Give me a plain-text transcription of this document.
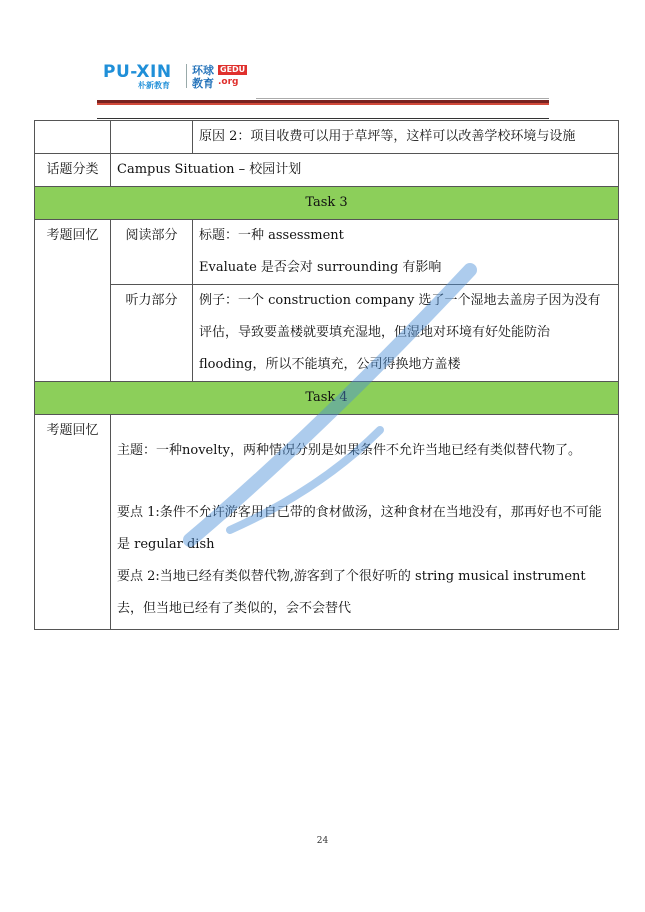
PU-XIN
朴新教育
环球
教育
GEDU
.org
		原因 2：项目收费可以用于草坪等，这样可以改善学校环境与设施
话题分类	Campus Situation – 校园计划	
Task 3		
考题回忆	阅读部分	标题：一种 assessment
Evaluate 是否会对 surrounding 有影响

	听力部分	例子：一个 construction company 选了一个湿地去盖房子因为没有评估，导致要盖楼就要填充湿地，但湿地对环境有好处能防治 flooding，所以不能填充，公司得换地方盖楼
Task 4		
考题回忆	主题：一种novelty，两种情况分别是如果条件不允许当地已经有类似替代物了。

要点 1:条件不允许游客用自己带的食材做汤，这种食材在当地没有，那再好也不可能是 regular dish

要点 2:当地已经有类似替代物,游客到了个很好听的 string musical instrument 去，但当地已经有了类似的，会不会替代	

24
